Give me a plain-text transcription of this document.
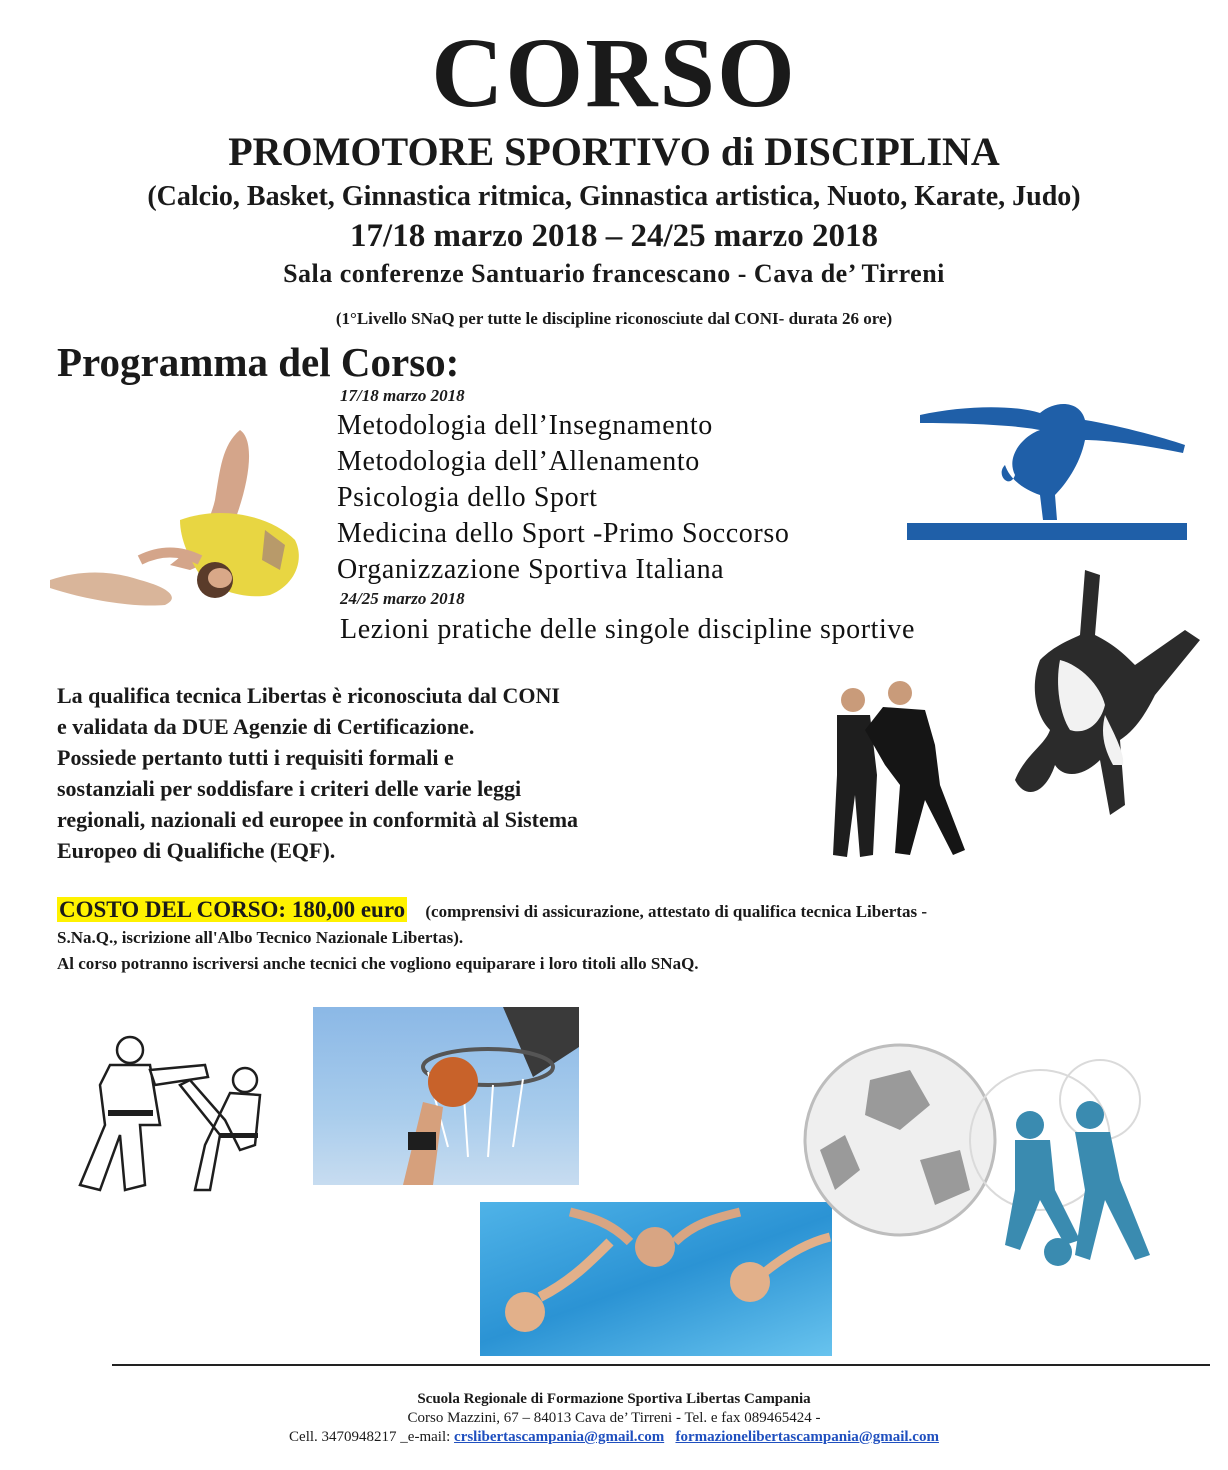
CORSO
PROMOTORE SPORTIVO di DISCIPLINA
(Calcio, Basket, Ginnastica ritmica, Ginnastica artistica, Nuoto, Karate, Judo)
17/18 marzo 2018 – 24/25 marzo 2018
Sala conferenze Santuario francescano - Cava de’ Tirreni
(1°Livello SNaQ per tutte le discipline riconosciute dal CONI- durata 26 ore)
Programma del Corso:
17/18 marzo 2018
Metodologia dell’Insegnamento
Metodologia dell’Allenamento
Psicologia dello Sport
Medicina dello Sport -Primo Soccorso
Organizzazione Sportiva Italiana
24/25 marzo 2018
Lezioni pratiche delle singole discipline sportive
La qualifica tecnica Libertas è riconosciuta dal CONI
e validata da DUE Agenzie di Certificazione.
Possiede pertanto tutti i requisiti formali e
sostanziali per soddisfare i criteri delle varie leggi
regionali, nazionali ed europee in conformità al Sistema
Europeo di Qualifiche (EQF).
COSTO DEL CORSO: 180,00 euro (comprensivi di assicurazione, attestato di qualifica tecnica Libertas -
S.Na.Q., iscrizione all'Albo Tecnico Nazionale Libertas).
Al corso potranno iscriversi anche tecnici che vogliono equiparare i loro titoli allo SNaQ.
Scuola Regionale di Formazione Sportiva Libertas Campania
Corso Mazzini, 67 – 84013 Cava de’ Tirreni - Tel. e fax 089465424 -
Cell. 3470948217 _e-mail: crslibertascampania@gmail.com formazionelibertascampania@gmail.com
